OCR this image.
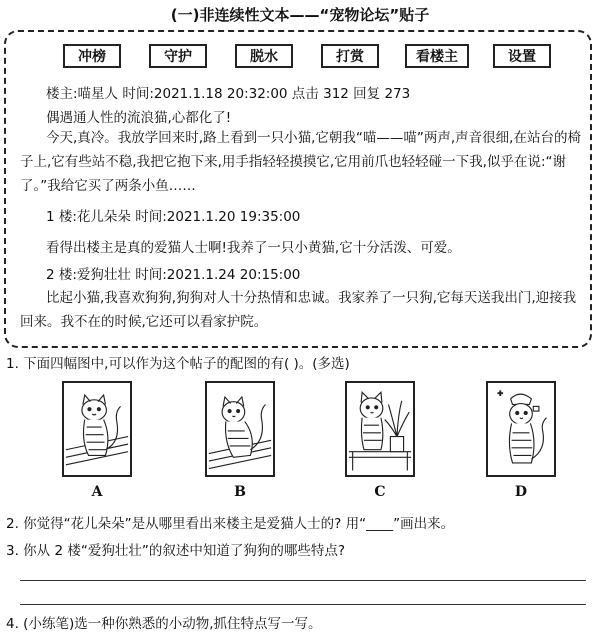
(一)非连续性文本——“宠物论坛”贴子
冲榜	守护	脱水	打赏	看楼主	设置
楼主:喵星人 时间:2021.1.18 20:32:00 点击 312 回复 273
偶遇通人性的流浪猫,心都化了!
今天,真冷。我放学回来时,路上看到一只小猫,它朝我“喵——喵”两声,声音很细,在站台的椅子上,它有些站不稳,我把它抱下来,用手指轻轻摸摸它,它用前爪也轻轻碰一下我,似乎在说:“谢了。”我给它买了两条小鱼……
1 楼:花儿朵朵 时间:2021.1.20 19:35:00
看得出楼主是真的爱猫人士啊!我养了一只小黄猫,它十分活泼、可爱。
2 楼:爱狗壮壮 时间:2021.1.24 20:15:00
比起小猫,我喜欢狗狗,狗狗对人十分热情和忠诚。我家养了一只狗,它每天送我出门,迎接我回来。我不在的时候,它还可以看家护院。
1. 下面四幅图中,可以作为这个帖子的配图的有( )。(多选)
A	B	C	D
2. 你觉得“花儿朵朵”是从哪里看出来楼主是爱猫人士的? 用“____”画出来。
3. 你从 2 楼“爱狗壮壮”的叙述中知道了狗狗的哪些特点?
4. (小练笔)选一种你熟悉的小动物,抓住特点写一写。
